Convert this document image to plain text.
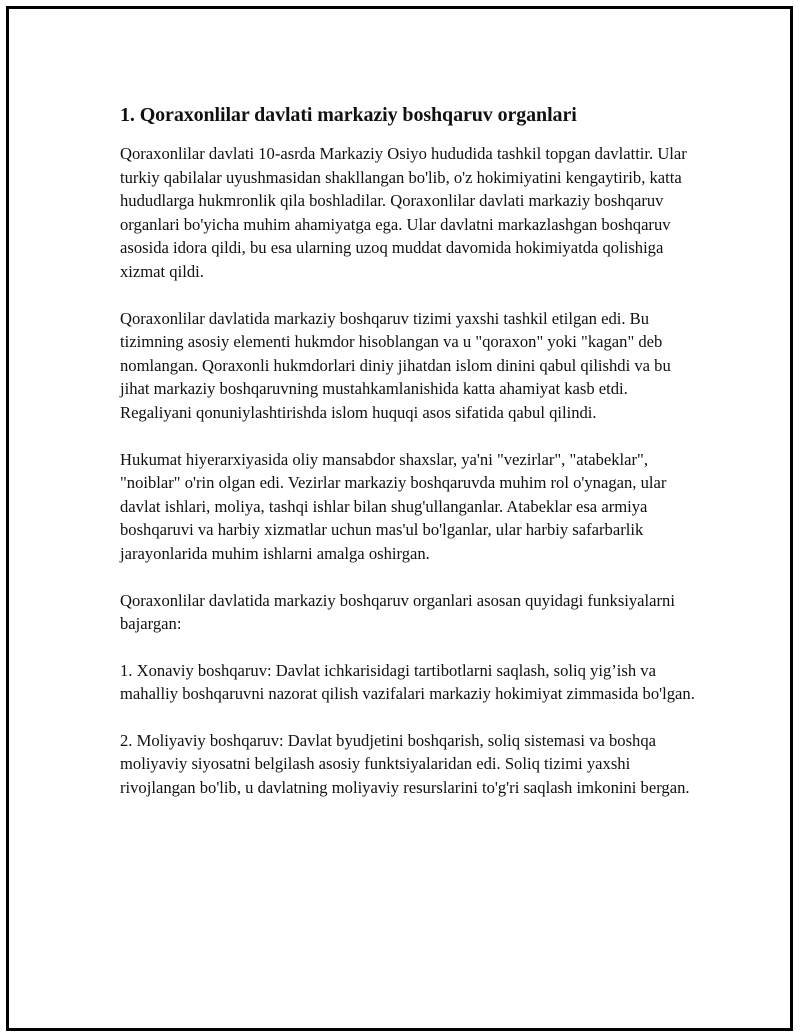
1. Qoraxonlilar davlati markaziy boshqaruv organlari

Qoraxonlilar davlati 10-asrda Markaziy Osiyo hududida tashkil topgan davlattir. Ular turkiy qabilalar uyushmasidan shakllangan bo'lib, o'z hokimiyatini kengaytirib, katta hududlarga hukmronlik qila boshladilar. Qoraxonlilar davlati markaziy boshqaruv organlari bo'yicha muhim ahamiyatga ega. Ular davlatni markazlashgan boshqaruv asosida idora qildi, bu esa ularning uzoq muddat davomida hokimiyatda qolishiga xizmat qildi.

Qoraxonlilar davlatida markaziy boshqaruv tizimi yaxshi tashkil etilgan edi. Bu tizimning asosiy elementi hukmdor hisoblangan va u "qoraxon" yoki "kagan" deb nomlangan. Qoraxonli hukmdorlari diniy jihatdan islom dinini qabul qilishdi va bu jihat markaziy boshqaruvning mustahkamlanishida katta ahamiyat kasb etdi. Regaliyani qonuniylashtirishda islom huquqi asos sifatida qabul qilindi.

Hukumat hiyerarxiyasida oliy mansabdor shaxslar, ya'ni "vezirlar", "atabeklar", "noiblar" o'rin olgan edi. Vezirlar markaziy boshqaruvda muhim rol o'ynagan, ular davlat ishlari, moliya, tashqi ishlar bilan shug'ullanganlar. Atabeklar esa armiya boshqaruvi va harbiy xizmatlar uchun mas'ul bo'lganlar, ular harbiy safarbarlik jarayonlarida muhim ishlarni amalga oshirgan.

Qoraxonlilar davlatida markaziy boshqaruv organlari asosan quyidagi funksiyalarni bajargan:

1. Xonaviy boshqaruv: Davlat ichkarisidagi tartibotlarni saqlash, soliq yig’ish va mahalliy boshqaruvni nazorat qilish vazifalari markaziy hokimiyat zimmasida bo'lgan.

2. Moliyaviy boshqaruv: Davlat byudjetini boshqarish, soliq sistemasi va boshqa moliyaviy siyosatni belgilash asosiy funktsiyalaridan edi. Soliq tizimi yaxshi rivojlangan bo'lib, u davlatning moliyaviy resurslarini to'g'ri saqlash imkonini bergan.
